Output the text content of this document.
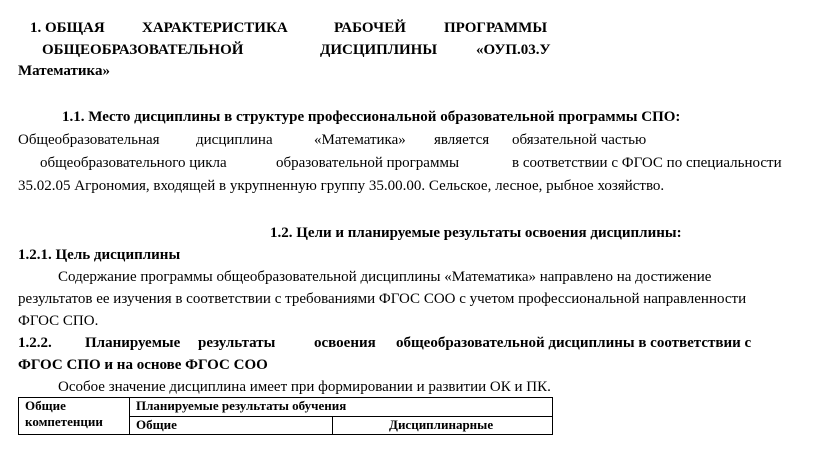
1. ОБЩАЯ ХАРАКТЕРИСТИКА	РАБОЧЕЙ	ПРОГРАММЫ
ОБЩЕОБРАЗОВАТЕЛЬНОЙ	ДИСЦИПЛИНЫ	«ОУП.03.У
Математика»
1.1. Место дисциплины в структуре профессиональной образовательной программы СПО:
Общеобразовательная дисциплина	«Математика» является обязательной частью
общеобразовательного цикла	образовательной программы	в соответствии с ФГОС по специальности
35.02.05 Агрономия, входящей в укрупненную группу 35.00.00. Сельское, лесное, рыбное хозяйство.
1.2. Цели и планируемые результаты освоения дисциплины:
1.2.1. Цель дисциплины
Содержание программы общеобразовательной дисциплины «Математика» направлено на достижение
результатов ее изучения в соответствии с требованиями ФГОС СОО с учетом профессиональной направленности
ФГОС СПО.
1.2.2. Планируемые результаты	освоения общеобразовательной дисциплины в соответствии с
ФГОС СПО и на основе ФГОС СОО
Особое значение дисциплина имеет при формировании и развитии ОК и ПК.
Общие компетенции	Планируемые результаты обучения	
	Общие	Дисциплинарные
